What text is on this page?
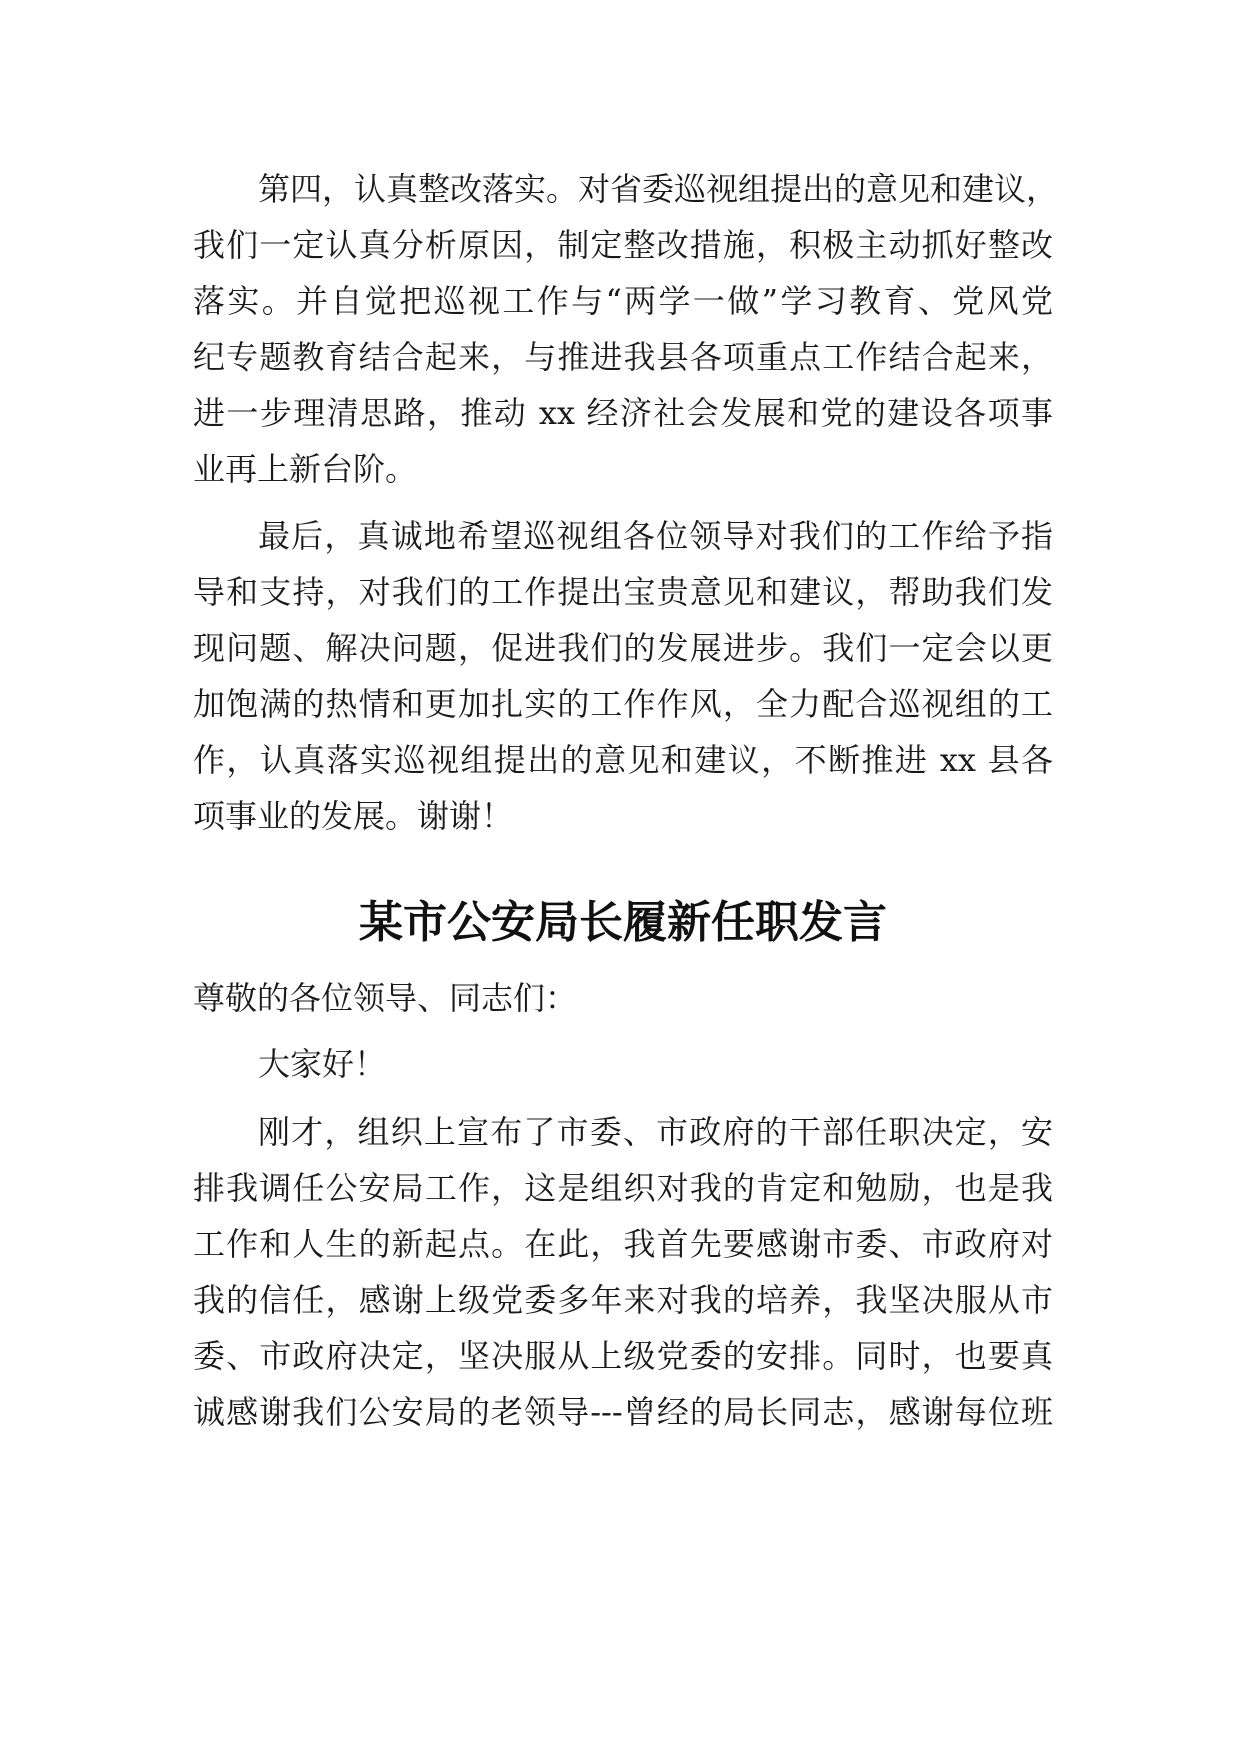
第四，认真整改落实。对省委巡视组提出的意见和建议，
我们一定认真分析原因，制定整改措施，积极主动抓好整改
落实。并自觉把巡视工作与“两学一做”学习教育、党风党
纪专题教育结合起来，与推进我县各项重点工作结合起来，
进一步理清思路，推动 xx 经济社会发展和党的建设各项事
业再上新台阶。
最后，真诚地希望巡视组各位领导对我们的工作给予指
导和支持，对我们的工作提出宝贵意见和建议，帮助我们发
现问题、解决问题，促进我们的发展进步。我们一定会以更
加饱满的热情和更加扎实的工作作风，全力配合巡视组的工
作，认真落实巡视组提出的意见和建议，不断推进 xx 县各
项事业的发展。谢谢！
某市公安局长履新任职发言
尊敬的各位领导、同志们：
大家好！
刚才，组织上宣布了市委、市政府的干部任职决定，安
排我调任公安局工作，这是组织对我的肯定和勉励，也是我
工作和人生的新起点。在此，我首先要感谢市委、市政府对
我的信任，感谢上级党委多年来对我的培养，我坚决服从市
委、市政府决定，坚决服从上级党委的安排。同时，也要真
诚感谢我们公安局的老领导---曾经的局长同志，感谢每位班
